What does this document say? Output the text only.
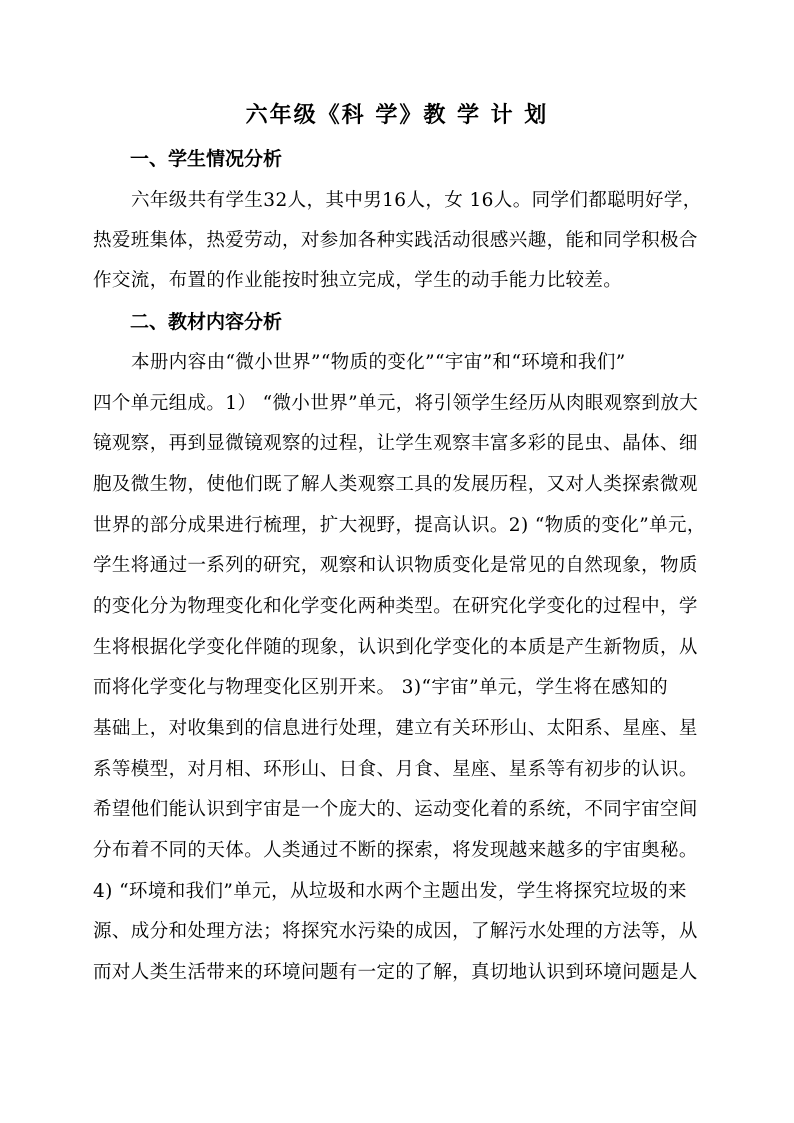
六年级《科 学》教 学 计 划
一、学生情况分析
六年级共有学生32人，其中男16人，女 16人。同学们都聪明好学，
热爱班集体，热爱劳动，对参加各种实践活动很感兴趣，能和同学积极合
作交流，布置的作业能按时独立完成，学生的动手能力比较差。
二、教材内容分析
本册内容由“微小世界”“物质的变化”“宇宙”和“环境和我们”
四个单元组成。1） “微小世界”单元，将引领学生经历从肉眼观察到放大
镜观察，再到显微镜观察的过程，让学生观察丰富多彩的昆虫、晶体、细
胞及微生物，使他们既了解人类观察工具的发展历程，又对人类探索微观
世界的部分成果进行梳理，扩大视野，提高认识。2) “物质的变化”单元，
学生将通过一系列的研究，观察和认识物质变化是常见的自然现象，物质
的变化分为物理变化和化学变化两种类型。在研究化学变化的过程中，学
生将根据化学变化伴随的现象，认识到化学变化的本质是产生新物质，从
而将化学变化与物理变化区别开来。 3)“宇宙”单元，学生将在感知的
基础上，对收集到的信息进行处理，建立有关环形山、太阳系、星座、星
系等模型，对月相、环形山、日食、月食、星座、星系等有初步的认识。
希望他们能认识到宇宙是一个庞大的、运动变化着的系统，不同宇宙空间
分布着不同的天体。人类通过不断的探索，将发现越来越多的宇宙奥秘。
4) “环境和我们”单元，从垃圾和水两个主题出发，学生将探究垃圾的来
源、成分和处理方法；将探究水污染的成因，了解污水处理的方法等，从
而对人类生活带来的环境问题有一定的了解，真切地认识到环境问题是人
